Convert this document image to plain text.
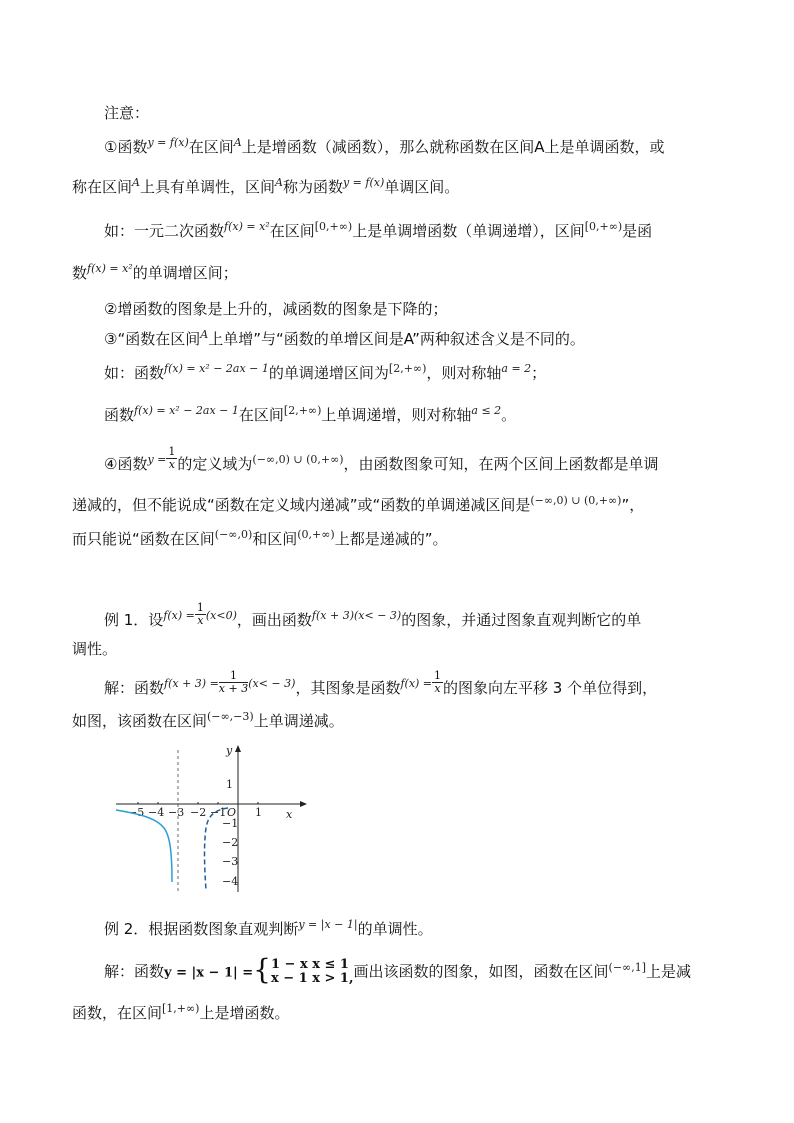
注意：
①函数$^{y = f(x)}$在区间$^A$上是增函数（减函数），那么就称函数在区间A上是单调函数，或
称在区间$^A$上具有单调性，区间$^A$称为函数$^{y = f(x)}$单调区间。
如：一元二次函数$^{f(x) = x^2}$在区间$^{[0,+\infty)}$上是单调增函数（单调递增），区间$^{[0,+\infty)}$是函
数$^{f(x) = x^2}$的单调增区间；
②增函数的图象是上升的，减函数的图象是下降的；
③“函数在区间$^A$上单增”与“函数的单增区间是A”两种叙述含义是不同的。
如：函数$^{f(x) = x^2 - 2ax - 1}$的单调递增区间为$^{[2,+\infty)}$，则对称轴$^{a = 2}$；
函数$^{f(x) = x^2 - 2ax - 1}$在区间$^{[2,+\infty)}$上单调递增，则对称轴$^{a \le 2}$。
④函数$^{y =} \frac{1}{x}$ 的定义域为$^{(-\infty,0) \cup (0,+\infty)}$，由函数图象可知，在两个区间上函数都是单调
递减的，但不能说成“函数在定义域内递减”或“函数的单调递减区间是$^{(-\infty,0) \cup (0,+\infty)}$”，
而只能说“函数在区间$^{(-\infty,0)}$和区间$^{(0,+\infty)}$上都是递减的”。
例 1．设$^{f(x) =} \frac{1}{x} ^{(x<0)}$，画出函数$^{f(x + 3)(x< - 3)}$的图象，并通过图象直观判断它的单
调性。
解：函数$^{f(x + 3) =} \frac{1}{x + 3} ^{(x< - 3)}$，其图象是函数$^{f(x) =} \frac{1}{x}$ 的图象向左平移 3 个单位得到，
如图，该函数在区间$^{(-\infty,-3)}$上单调递减。
y
x
O
−5 −4 −3 −2 −1	1
1
−1
−2
−3
−4
例 2．根据函数图象直观判断$^{y = |x - 1|}$的单调性。
解：函数y = |x − 1| ={ 1 − x x ≤ 1
x − 1 x > 1, 画出该函数的图象，如图，函数在区间$^{(-\infty,1]}$上是减
函数，在区间$^{[1,+\infty)}$上是增函数。
